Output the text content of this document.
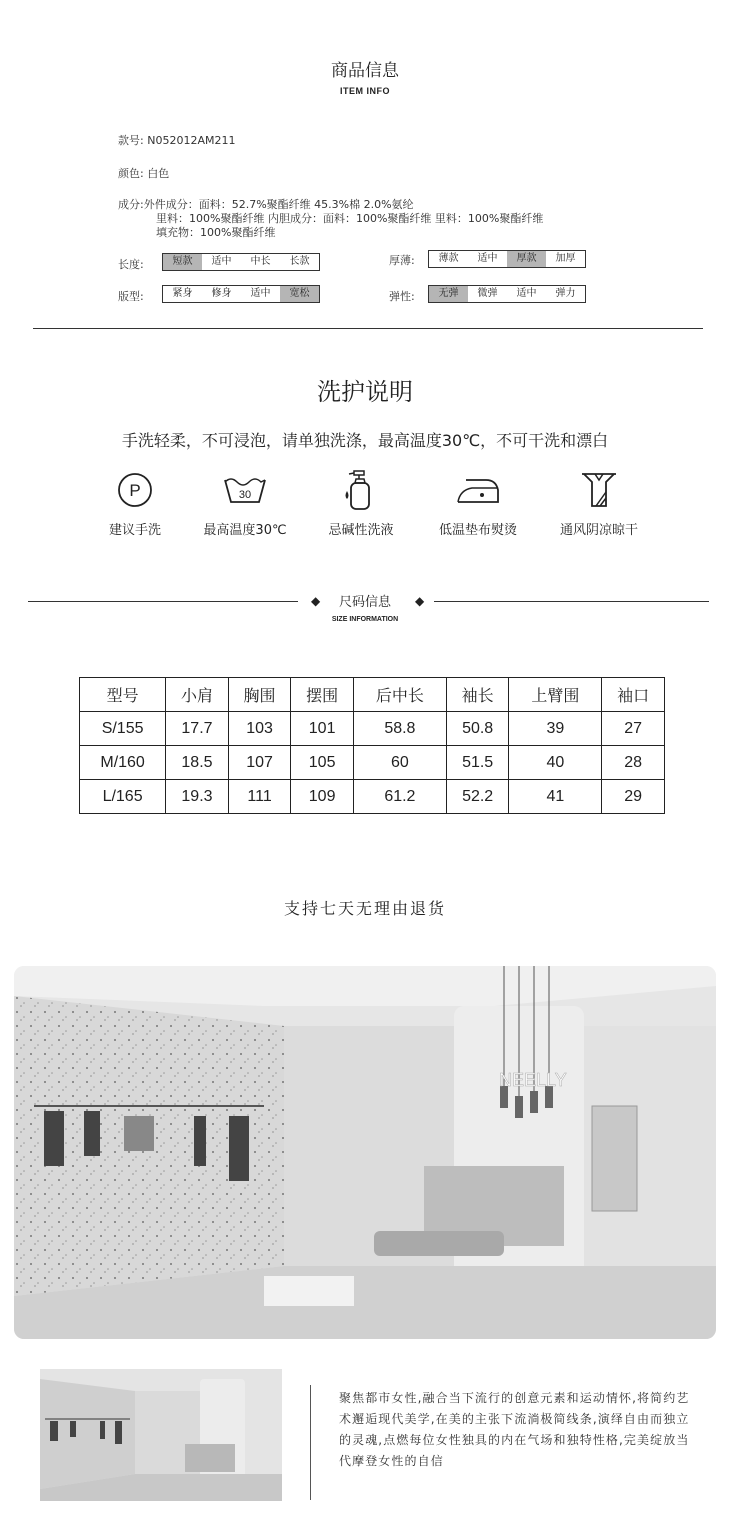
商品信息
ITEM INFO
款号: N052012AM211
颜色: 白色
成分:外件成分：面料：52.7%聚酯纤维 45.3%棉 2.0%氨纶
里料：100%聚酯纤维 内胆成分：面料：100%聚酯纤维 里料：100%聚酯纤维
填充物：100%聚酯纤维
长度:	短款	适中	中长	长款	厚薄:	薄款	适中	厚款	加厚
版型:	紧身	修身	适中	宽松	弹性:	无弹	微弹	适中	弹力
洗护说明
手洗轻柔，不可浸泡，请单独洗涤，最高温度30℃，不可干洗和漂白
P
建议手洗
30
最高温度30℃	忌碱性洗液	低温垫布熨烫	通风阴凉晾干
◆	尺码信息	◆
SIZE INFORMATION
型号	小肩	胸围	摆围	后中长	袖长	上臂围	袖口
S/155	17.7	103	101	58.8	50.8	39	27
M/160	18.5	107	105	60	51.5	40	28
L/165	19.3	111	109	61.2	52.2	41	29
支持七天无理由退货
NEELLY
聚焦都市女性,融合当下流行的创意元素和运动情怀,将简约艺术邂逅现代美学,在美的主张下流淌极简线条,演绎自由而独立的灵魂,点燃每位女性独具的内在气场和独特性格,完美绽放当代摩登女性的自信
